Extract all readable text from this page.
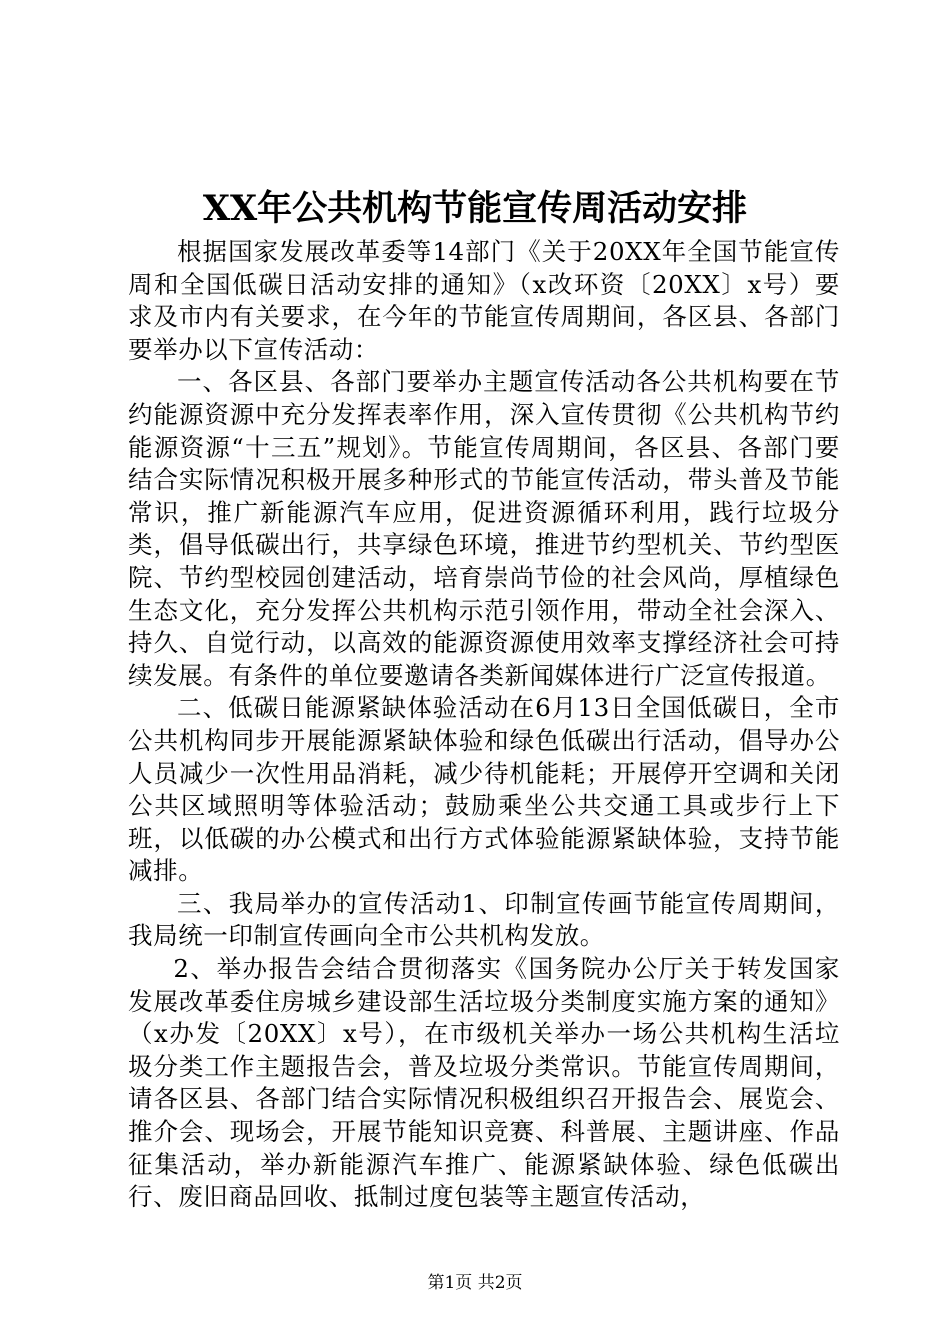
XX年公共机构节能宣传周活动安排

根据国家发展改革委等14部门《关于20XX年全国节能宣传周和全国低碳日活动安排的通知》（x改环资〔20XX〕x号）要求及市内有关要求，在今年的节能宣传周期间，各区县、各部门要举办以下宣传活动：

一、各区县、各部门要举办主题宣传活动各公共机构要在节约能源资源中充分发挥表率作用，深入宣传贯彻《公共机构节约能源资源“十三五”规划》。节能宣传周期间，各区县、各部门要结合实际情况积极开展多种形式的节能宣传活动，带头普及节能常识，推广新能源汽车应用，促进资源循环利用，践行垃圾分类，倡导低碳出行，共享绿色环境，推进节约型机关、节约型医院、节约型校园创建活动，培育崇尚节俭的社会风尚，厚植绿色生态文化，充分发挥公共机构示范引领作用，带动全社会深入、持久、自觉行动，以高效的能源资源使用效率支撑经济社会可持续发展。有条件的单位要邀请各类新闻媒体进行广泛宣传报道。

二、低碳日能源紧缺体验活动在6月13日全国低碳日，全市公共机构同步开展能源紧缺体验和绿色低碳出行活动，倡导办公人员减少一次性用品消耗，减少待机能耗；开展停开空调和关闭公共区域照明等体验活动；鼓励乘坐公共交通工具或步行上下班，以低碳的办公模式和出行方式体验能源紧缺体验，支持节能减排。

三、我局举办的宣传活动1、印制宣传画节能宣传周期间，我局统一印制宣传画向全市公共机构发放。

2、举办报告会结合贯彻落实《国务院办公厅关于转发国家发展改革委住房城乡建设部生活垃圾分类制度实施方案的通知》（x办发〔20XX〕x号），在市级机关举办一场公共机构生活垃圾分类工作主题报告会，普及垃圾分类常识。节能宣传周期间，请各区县、各部门结合实际情况积极组织召开报告会、展览会、推介会、现场会，开展节能知识竞赛、科普展、主题讲座、作品征集活动，举办新能源汽车推广、能源紧缺体验、绿色低碳出行、废旧商品回收、抵制过度包装等主题宣传活动，

第1页 共2页
